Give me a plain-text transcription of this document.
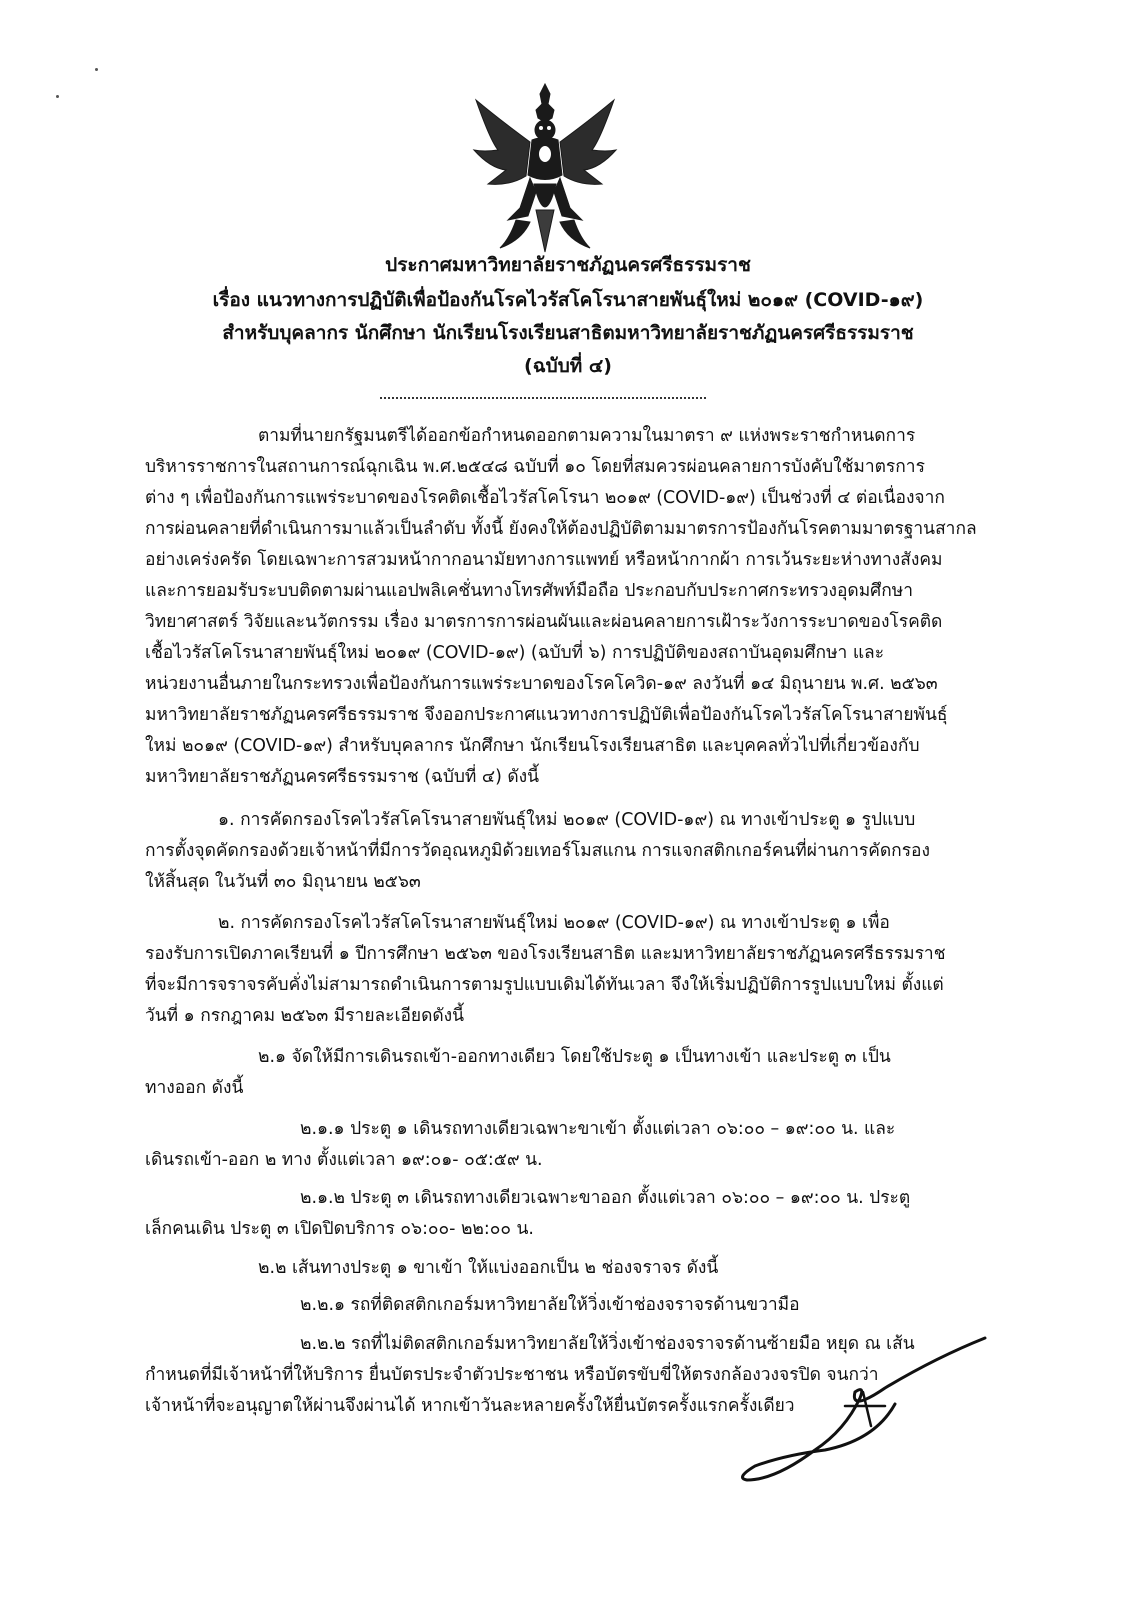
ประกาศมหาวิทยาลัยราชภัฏนครศรีธรรมราช
เรื่อง แนวทางการปฏิบัติเพื่อป้องกันโรคไวรัสโคโรนาสายพันธุ์ใหม่ ๒๐๑๙ (COVID-๑๙)
สำหรับบุคลากร นักศึกษา นักเรียนโรงเรียนสาธิตมหาวิทยาลัยราชภัฏนครศรีธรรมราช
(ฉบับที่ ๔)
ตามที่นายกรัฐมนตรีได้ออกข้อกำหนดออกตามความในมาตรา ๙ แห่งพระราชกำหนดการ
บริหารราชการในสถานการณ์ฉุกเฉิน พ.ศ.๒๕๔๘ ฉบับที่ ๑๐ โดยที่สมควรผ่อนคลายการบังคับใช้มาตรการ
ต่าง ๆ เพื่อป้องกันการแพร่ระบาดของโรคติดเชื้อไวรัสโคโรนา ๒๐๑๙ (COVID-๑๙) เป็นช่วงที่ ๔ ต่อเนื่องจาก
การผ่อนคลายที่ดำเนินการมาแล้วเป็นลำดับ ทั้งนี้ ยังคงให้ต้องปฏิบัติตามมาตรการป้องกันโรคตามมาตรฐานสากล
อย่างเคร่งครัด โดยเฉพาะการสวมหน้ากากอนามัยทางการแพทย์ หรือหน้ากากผ้า การเว้นระยะห่างทางสังคม
และการยอมรับระบบติดตามผ่านแอปพลิเคชั่นทางโทรศัพท์มือถือ ประกอบกับประกาศกระทรวงอุดมศึกษา
วิทยาศาสตร์ วิจัยและนวัตกรรม เรื่อง มาตรการการผ่อนผันและผ่อนคลายการเฝ้าระวังการระบาดของโรคติด
เชื้อไวรัสโคโรนาสายพันธุ์ใหม่ ๒๐๑๙ (COVID-๑๙) (ฉบับที่ ๖) การปฏิบัติของสถาบันอุดมศึกษา และ
หน่วยงานอื่นภายในกระทรวงเพื่อป้องกันการแพร่ระบาดของโรคโควิด-๑๙ ลงวันที่ ๑๔ มิถุนายน พ.ศ. ๒๕๖๓
มหาวิทยาลัยราชภัฏนครศรีธรรมราช จึงออกประกาศแนวทางการปฏิบัติเพื่อป้องกันโรคไวรัสโคโรนาสายพันธุ์
ใหม่ ๒๐๑๙ (COVID-๑๙) สำหรับบุคลากร นักศึกษา นักเรียนโรงเรียนสาธิต และบุคคลทั่วไปที่เกี่ยวข้องกับ
มหาวิทยาลัยราชภัฏนครศรีธรรมราช (ฉบับที่ ๔) ดังนี้
๑. การคัดกรองโรคไวรัสโคโรนาสายพันธุ์ใหม่ ๒๐๑๙ (COVID-๑๙) ณ ทางเข้าประตู ๑ รูปแบบ
การตั้งจุดคัดกรองด้วยเจ้าหน้าที่มีการวัดอุณหภูมิด้วยเทอร์โมสแกน การแจกสติกเกอร์คนที่ผ่านการคัดกรอง
ให้สิ้นสุด ในวันที่ ๓๐ มิถุนายน ๒๕๖๓
๒. การคัดกรองโรคไวรัสโคโรนาสายพันธุ์ใหม่ ๒๐๑๙ (COVID-๑๙) ณ ทางเข้าประตู ๑ เพื่อ
รองรับการเปิดภาคเรียนที่ ๑ ปีการศึกษา ๒๕๖๓ ของโรงเรียนสาธิต และมหาวิทยาลัยราชภัฏนครศรีธรรมราช
ที่จะมีการจราจรคับคั่งไม่สามารถดำเนินการตามรูปแบบเดิมได้ทันเวลา จึงให้เริ่มปฏิบัติการรูปแบบใหม่ ตั้งแต่
วันที่ ๑ กรกฎาคม ๒๕๖๓ มีรายละเอียดดังนี้
๒.๑ จัดให้มีการเดินรถเข้า-ออกทางเดียว โดยใช้ประตู ๑ เป็นทางเข้า และประตู ๓ เป็น
ทางออก ดังนี้
๒.๑.๑ ประตู ๑ เดินรถทางเดียวเฉพาะขาเข้า ตั้งแต่เวลา ๐๖:๐๐ – ๑๙:๐๐ น. และ
เดินรถเข้า-ออก ๒ ทาง ตั้งแต่เวลา ๑๙:๐๑- ๐๕:๕๙ น.
๒.๑.๒ ประตู ๓ เดินรถทางเดียวเฉพาะขาออก ตั้งแต่เวลา ๐๖:๐๐ – ๑๙:๐๐ น. ประตู
เล็กคนเดิน ประตู ๓ เปิดปิดบริการ ๐๖:๐๐- ๒๒:๐๐ น.
๒.๒ เส้นทางประตู ๑ ขาเข้า ให้แบ่งออกเป็น ๒ ช่องจราจร ดังนี้
๒.๒.๑ รถที่ติดสติกเกอร์มหาวิทยาลัยให้วิ่งเข้าช่องจราจรด้านขวามือ
๒.๒.๒ รถที่ไม่ติดสติกเกอร์มหาวิทยาลัยให้วิ่งเข้าช่องจราจรด้านซ้ายมือ หยุด ณ เส้น
กำหนดที่มีเจ้าหน้าที่ให้บริการ ยื่นบัตรประจำตัวประชาชน หรือบัตรขับขี่ให้ตรงกล้องวงจรปิด จนกว่า
เจ้าหน้าที่จะอนุญาตให้ผ่านจึงผ่านได้ หากเข้าวันละหลายครั้งให้ยื่นบัตรครั้งแรกครั้งเดียว
